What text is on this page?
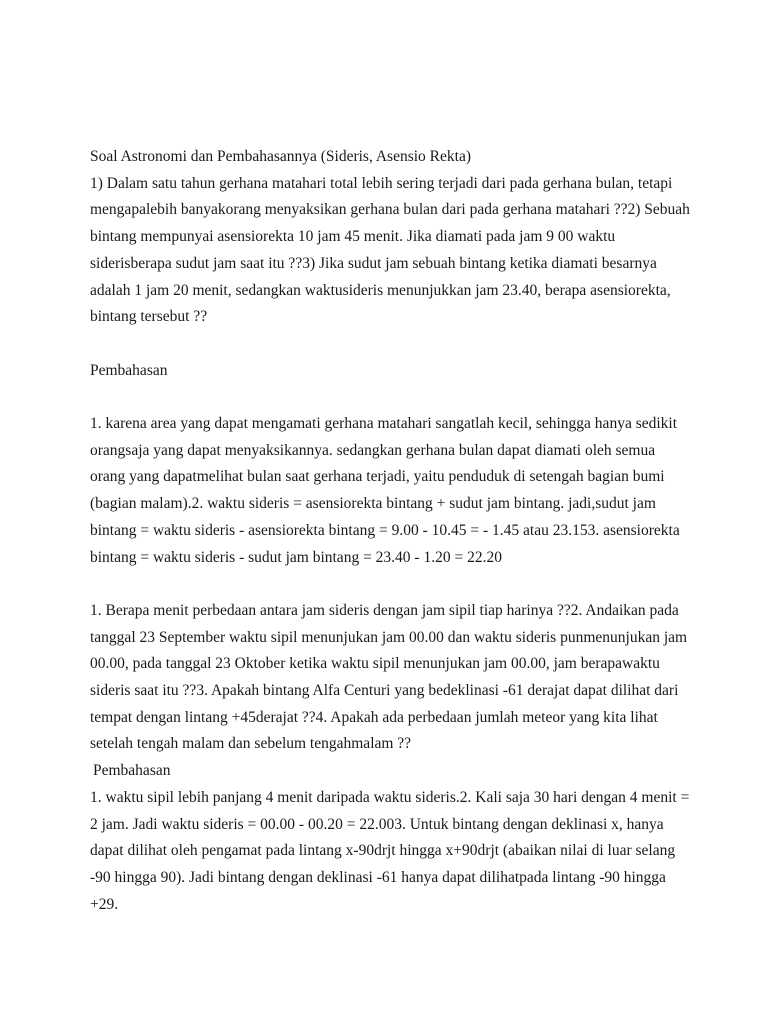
Soal Astronomi dan Pembahasannya (Sideris, Asensio Rekta)

1) Dalam satu tahun gerhana matahari total lebih sering terjadi dari pada gerhana bulan, tetapi mengapalebih banyakorang menyaksikan gerhana bulan dari pada gerhana matahari ??2) Sebuah bintang mempunyai asensiorekta 10 jam 45 menit. Jika diamati pada jam 9 00 waktu siderisberapa sudut jam saat itu ??3) Jika sudut jam sebuah bintang ketika diamati besarnya adalah 1 jam 20 menit, sedangkan waktusideris menunjukkan jam 23.40, berapa asensiorekta, bintang tersebut ??

Pembahasan

1. karena area yang dapat mengamati gerhana matahari sangatlah kecil, sehingga hanya sedikit orangsaja yang dapat menyaksikannya. sedangkan gerhana bulan dapat diamati oleh semua orang yang dapatmelihat bulan saat gerhana terjadi, yaitu penduduk di setengah bagian bumi (bagian malam).2. waktu sideris = asensiorekta bintang + sudut jam bintang. jadi,sudut jam bintang = waktu sideris - asensiorekta bintang = 9.00 - 10.45 = - 1.45 atau 23.153. asensiorekta bintang = waktu sideris - sudut jam bintang = 23.40 - 1.20 = 22.20

1. Berapa menit perbedaan antara jam sideris dengan jam sipil tiap harinya ??2. Andaikan pada tanggal 23 September waktu sipil menunjukan jam 00.00 dan waktu sideris punmenunjukan jam 00.00, pada tanggal 23 Oktober ketika waktu sipil menunjukan jam 00.00, jam berapawaktu sideris saat itu ??3. Apakah bintang Alfa Centuri yang bedeklinasi -61 derajat dapat dilihat dari tempat dengan lintang +45derajat ??4. Apakah ada perbedaan jumlah meteor yang kita lihat setelah tengah malam dan sebelum tengahmalam ??

Pembahasan

1. waktu sipil lebih panjang 4 menit daripada waktu sideris.2. Kali saja 30 hari dengan 4 menit = 2 jam. Jadi waktu sideris = 00.00 - 00.20 = 22.003. Untuk bintang dengan deklinasi x, hanya dapat dilihat oleh pengamat pada lintang x-90drjt hingga x+90drjt (abaikan nilai di luar selang -90 hingga 90). Jadi bintang dengan deklinasi -61 hanya dapat dilihatpada lintang -90 hingga +29.
